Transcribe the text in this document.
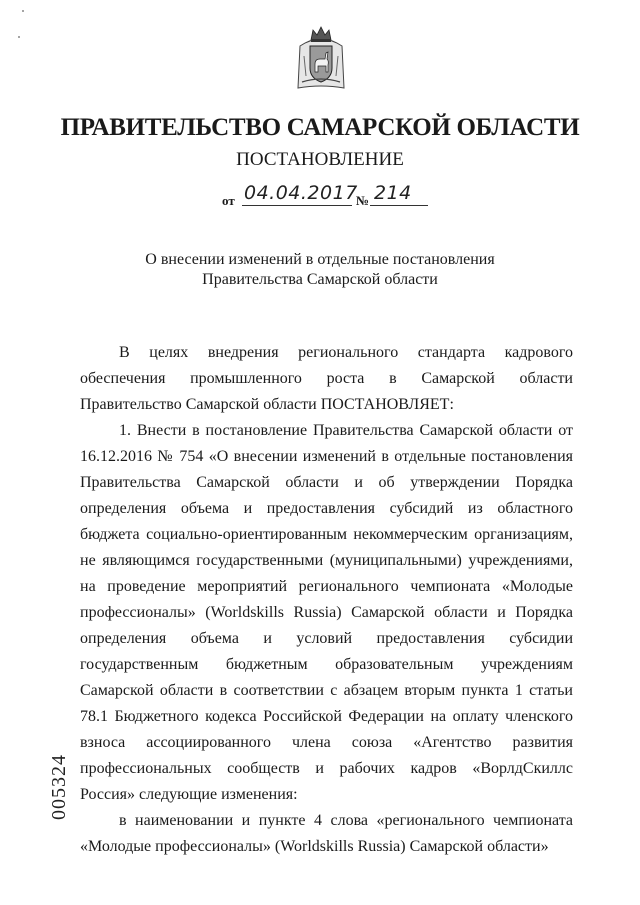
ПРАВИТЕЛЬСТВО САМАРСКОЙ ОБЛАСТИ
ПОСТАНОВЛЕНИЕ
от 04.04.2017
№ 214
О внесении изменений в отдельные постановления
Правительства Самарской области

В целях внедрения регионального стандарта кадрового обеспечения промышленного роста в Самарской области Правительство Самарской области ПОСТАНОВЛЯЕТ:

1. Внести в постановление Правительства Самарской области от 16.12.2016 № 754 «О внесении изменений в отдельные постановления Правительства Самарской области и об утверждении Порядка определения объема и предоставления субсидий из областного бюджета социально-ориентированным некоммерческим организациям, не являющимся государственными (муниципальными) учреждениями, на проведение мероприятий регионального чемпионата «Молодые профессионалы» (Worldskills Russia) Самарской области и Порядка определения объема и условий предоставления субсидии государственным бюджетным образовательным учреждениям Самарской области в соответствии с абзацем вторым пункта 1 статьи 78.1 Бюджетного кодекса Российской Федерации на оплату членского взноса ассоциированного члена союза «Агентство развития профессиональных сообществ и рабочих кадров «ВорлдСкиллс Россия» следующие изменения:

в наименовании и пункте 4 слова «регионального чемпионата «Молодые профессионалы» (Worldskills Russia) Самарской области»

005324
